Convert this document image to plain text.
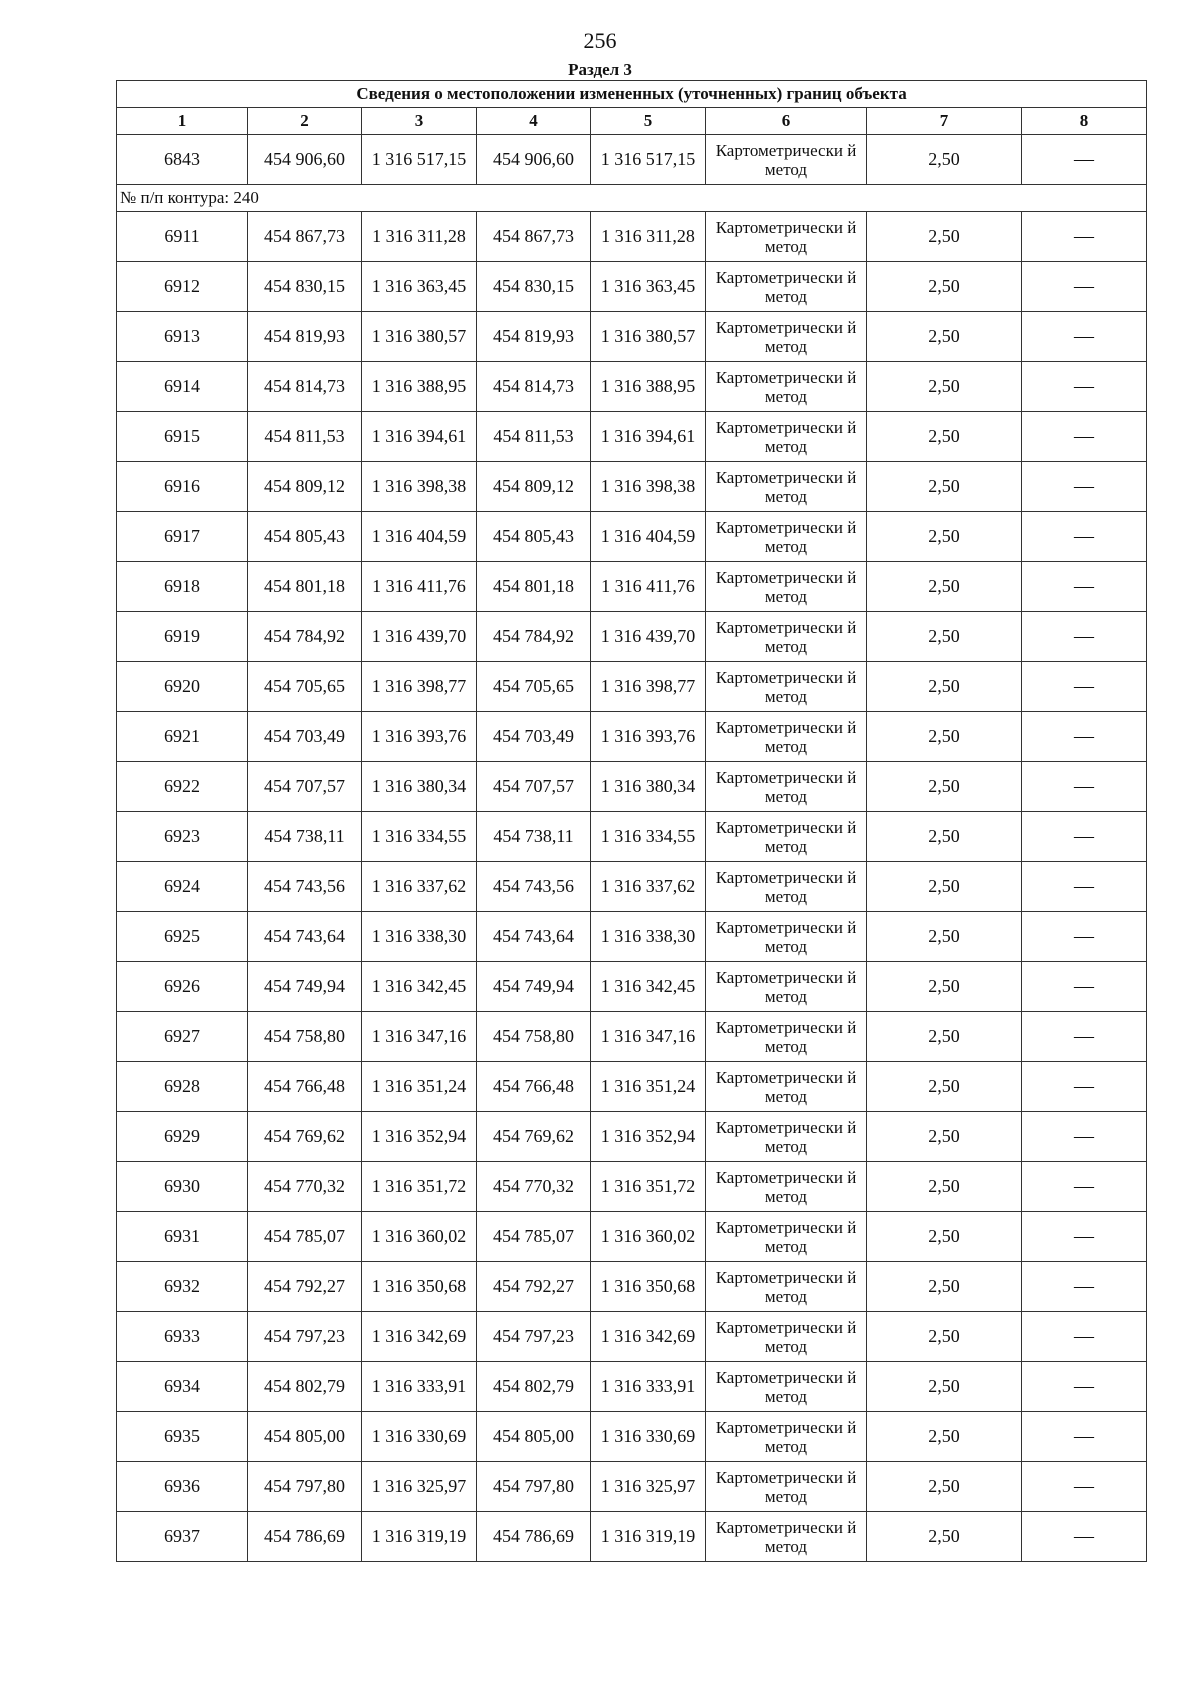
256
Раздел 3
Сведения о местоположении измененных (уточненных) границ объекта							
1	2	3	4	5	6	7	8
6843	454 906,60	1 316 517,15	454 906,60	1 316 517,15	Картометрически й метод	2,50	—
№ п/п контура: 240							
6911	454 867,73	1 316 311,28	454 867,73	1 316 311,28	Картометрически й метод	2,50	—
6912	454 830,15	1 316 363,45	454 830,15	1 316 363,45	Картометрически й метод	2,50	—
6913	454 819,93	1 316 380,57	454 819,93	1 316 380,57	Картометрически й метод	2,50	—
6914	454 814,73	1 316 388,95	454 814,73	1 316 388,95	Картометрически й метод	2,50	—
6915	454 811,53	1 316 394,61	454 811,53	1 316 394,61	Картометрически й метод	2,50	—
6916	454 809,12	1 316 398,38	454 809,12	1 316 398,38	Картометрически й метод	2,50	—
6917	454 805,43	1 316 404,59	454 805,43	1 316 404,59	Картометрически й метод	2,50	—
6918	454 801,18	1 316 411,76	454 801,18	1 316 411,76	Картометрически й метод	2,50	—
6919	454 784,92	1 316 439,70	454 784,92	1 316 439,70	Картометрически й метод	2,50	—
6920	454 705,65	1 316 398,77	454 705,65	1 316 398,77	Картометрически й метод	2,50	—
6921	454 703,49	1 316 393,76	454 703,49	1 316 393,76	Картометрически й метод	2,50	—
6922	454 707,57	1 316 380,34	454 707,57	1 316 380,34	Картометрически й метод	2,50	—
6923	454 738,11	1 316 334,55	454 738,11	1 316 334,55	Картометрически й метод	2,50	—
6924	454 743,56	1 316 337,62	454 743,56	1 316 337,62	Картометрически й метод	2,50	—
6925	454 743,64	1 316 338,30	454 743,64	1 316 338,30	Картометрически й метод	2,50	—
6926	454 749,94	1 316 342,45	454 749,94	1 316 342,45	Картометрически й метод	2,50	—
6927	454 758,80	1 316 347,16	454 758,80	1 316 347,16	Картометрически й метод	2,50	—
6928	454 766,48	1 316 351,24	454 766,48	1 316 351,24	Картометрически й метод	2,50	—
6929	454 769,62	1 316 352,94	454 769,62	1 316 352,94	Картометрически й метод	2,50	—
6930	454 770,32	1 316 351,72	454 770,32	1 316 351,72	Картометрически й метод	2,50	—
6931	454 785,07	1 316 360,02	454 785,07	1 316 360,02	Картометрически й метод	2,50	—
6932	454 792,27	1 316 350,68	454 792,27	1 316 350,68	Картометрически й метод	2,50	—
6933	454 797,23	1 316 342,69	454 797,23	1 316 342,69	Картометрически й метод	2,50	—
6934	454 802,79	1 316 333,91	454 802,79	1 316 333,91	Картометрически й метод	2,50	—
6935	454 805,00	1 316 330,69	454 805,00	1 316 330,69	Картометрически й метод	2,50	—
6936	454 797,80	1 316 325,97	454 797,80	1 316 325,97	Картометрически й метод	2,50	—
6937	454 786,69	1 316 319,19	454 786,69	1 316 319,19	Картометрически й метод	2,50	—
